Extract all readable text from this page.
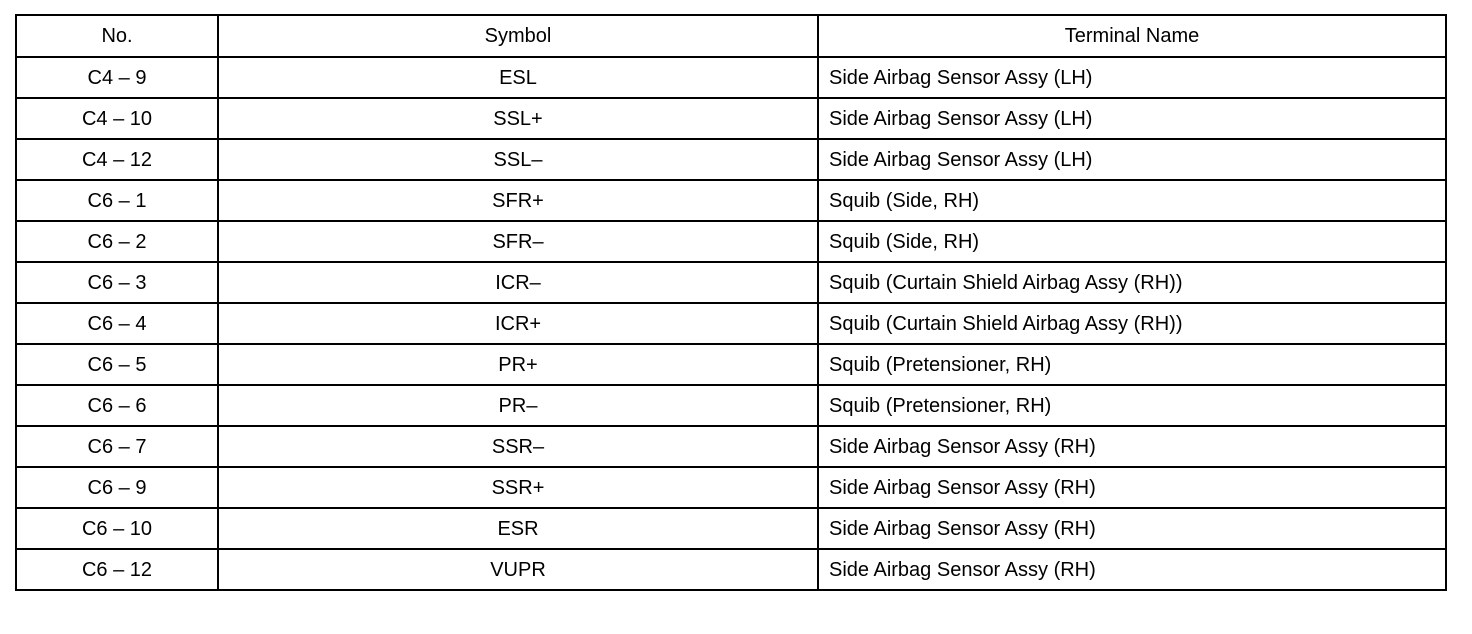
No.	Symbol	Terminal Name
C4 – 9	ESL	Side Airbag Sensor Assy (LH)
C4 – 10	SSL+	Side Airbag Sensor Assy (LH)
C4 – 12	SSL–	Side Airbag Sensor Assy (LH)
C6 – 1	SFR+	Squib (Side, RH)
C6 – 2	SFR–	Squib (Side, RH)
C6 – 3	ICR–	Squib (Curtain Shield Airbag Assy (RH))
C6 – 4	ICR+	Squib (Curtain Shield Airbag Assy (RH))
C6 – 5	PR+	Squib (Pretensioner, RH)
C6 – 6	PR–	Squib (Pretensioner, RH)
C6 – 7	SSR–	Side Airbag Sensor Assy (RH)
C6 – 9	SSR+	Side Airbag Sensor Assy (RH)
C6 – 10	ESR	Side Airbag Sensor Assy (RH)
C6 – 12	VUPR	Side Airbag Sensor Assy (RH)
